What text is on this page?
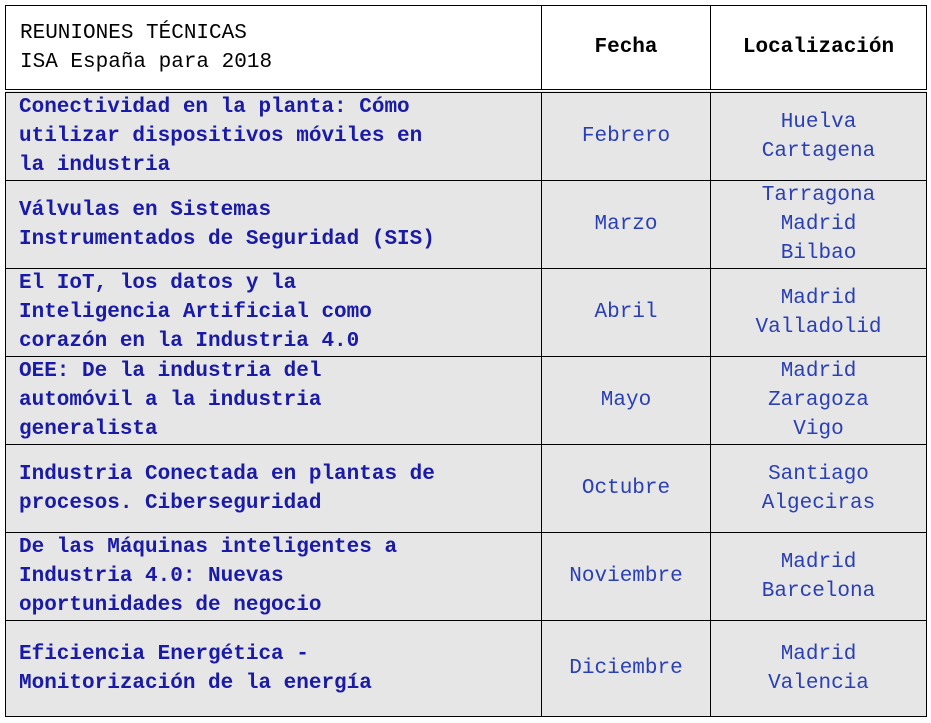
REUNIONES TÉCNICAS
ISA España para 2018	Fecha	Localización

Conectividad en la planta: Cómo
utilizar dispositivos móviles en
la industria	Febrero	Huelva
Cartagena

Válvulas en Sistemas
Instrumentados de Seguridad (SIS)	Marzo	Tarragona
Madrid
Bilbao

El IoT, los datos y la
Inteligencia Artificial como
corazón en la Industria 4.0	Abril	Madrid
Valladolid

OEE: De la industria del
automóvil a la industria
generalista	Mayo	Madrid
Zaragoza
Vigo

Industria Conectada en plantas de
procesos. Ciberseguridad	Octubre	Santiago
Algeciras

De las Máquinas inteligentes a
Industria 4.0: Nuevas
oportunidades de negocio	Noviembre	Madrid
Barcelona

Eficiencia Energética -
Monitorización de la energía	Diciembre	Madrid
Valencia
